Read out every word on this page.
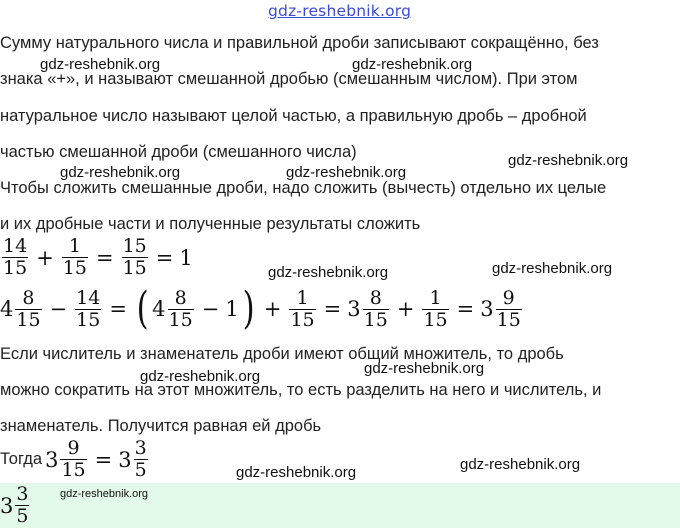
gdz-reshebnik.org
Сумму натурального числа и правильной дроби записывают сокращённо, без
знака «+», и называют смешанной дробью (смешанным числом). При этом
натуральное число называют целой частью, а правильную дробь – дробной
частью смешанной дроби (смешанного числа)
Чтобы сложить смешанные дроби, надо сложить (вычесть) отдельно их целые
и их дробные части и полученные результаты сложить
$\frac{14}{15} + \frac{1}{15} = \frac{15}{15} = 1$
$4 \frac{8}{15} - \frac{14}{15}$ = ( $4 \frac{8}{15} - 1$ ) + $\frac{1}{15} = 3 \frac{8}{15} + \frac{1}{15} = 3 \frac{9}{15}$
Если числитель и знаменатель дроби имеют общий множитель, то дробь
можно сократить на этот множитель, то есть разделить на него и числитель, и
знаменатель. Получится равная ей дробь
Тогда $3 \frac{9}{15} = 3 \frac{3}{5}$
$3 \frac{3}{5}$
gdz-reshebnik.org	gdz-reshebnik.org
gdz-reshebnik.org
gdz-reshebnik.org	gdz-reshebnik.org
gdz-reshebnik.org
gdz-reshebnik.org
gdz-reshebnik.org
gdz-reshebnik.org
gdz-reshebnik.org
gdz-reshebnik.org
gdz-reshebnik.org
